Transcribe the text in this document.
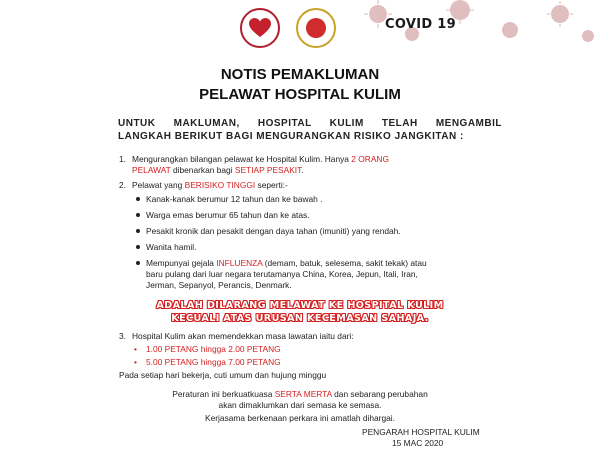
COVID 19
NOTIS PEMAKLUMAN
PELAWAT HOSPITAL KULIM
UNTUK MAKLUMAN, HOSPITAL KULIM TELAH MENGAMBIL
LANGKAH BERIKUT BAGI MENGURANGKAN RISIKO JANGKITAN :
1. Mengurangkan bilangan pelawat ke Hospital Kulim. Hanya 2 ORANG
PELAWAT dibenarkan bagi SETIAP PESAKIT.
2. Pelawat yang BERISIKO TINGGI seperti:-
Kanak-kanak berumur 12 tahun dan ke bawah .
Warga emas berumur 65 tahun dan ke atas.
Pesakit kronik dan pesakit dengan daya tahan (imuniti) yang rendah.
Wanita hamil.
Mempunyai gejala INFLUENZA (demam, batuk, selesema, sakit tekak) atau
baru pulang dari luar negara terutamanya China, Korea, Jepun, Itali, Iran,
Jerman, Sepanyol, Perancis, Denmark.
ADALAH DILARANG MELAWAT KE HOSPITAL KULIM
KECUALI ATAS URUSAN KECEMASAN SAHAJA.
3. Hospital Kulim akan memendekkan masa lawatan iaitu dari:
• 1.00 PETANG hingga 2.00 PETANG
• 5.00 PETANG hingga 7.00 PETANG
Pada setiap hari bekerja, cuti umum dan hujung minggu
Peraturan ini berkuatkuasa SERTA MERTA dan sebarang perubahan
akan dimaklumkan dari semasa ke semasa.
Kerjasama berkenaan perkara ini amatlah dihargai.
PENGARAH HOSPITAL KULIM
15 MAC 2020
